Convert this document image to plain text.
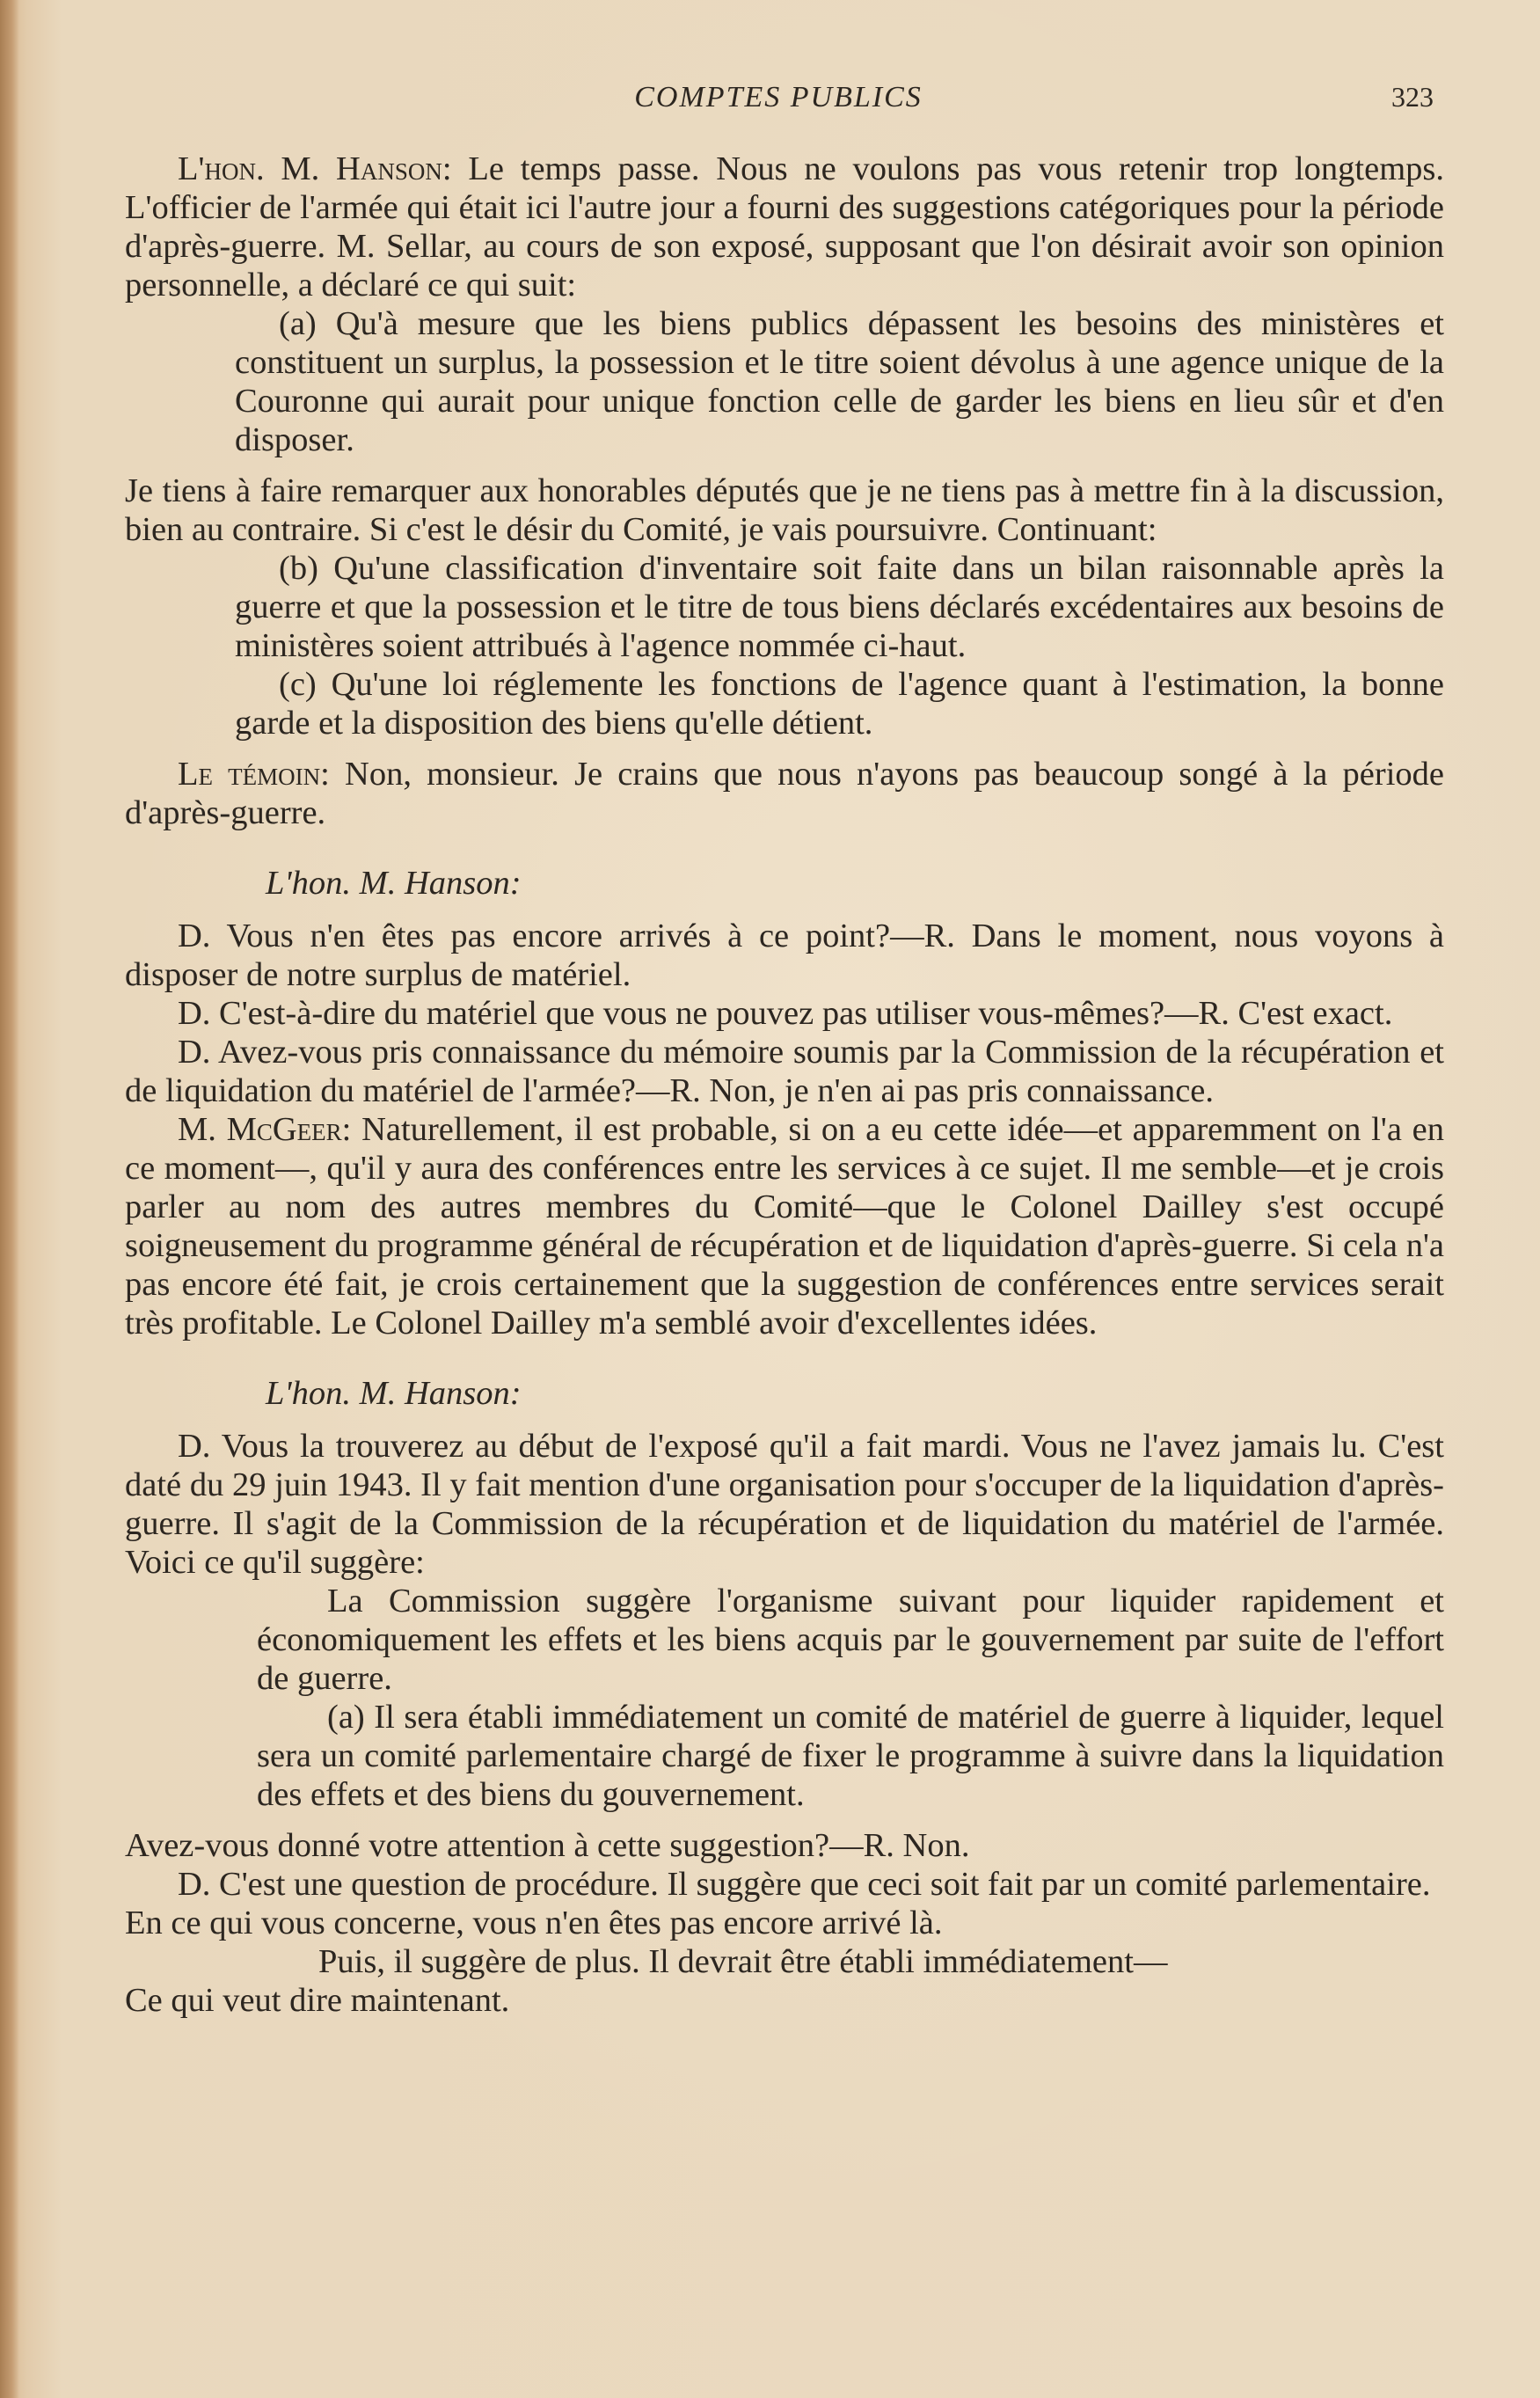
COMPTES PUBLICS	323

L'hon. M. Hanson: Le temps passe. Nous ne voulons pas vous retenir trop longtemps. L'officier de l'armée qui était ici l'autre jour a fourni des suggestions catégoriques pour la période d'après-guerre. M. Sellar, au cours de son exposé, supposant que l'on désirait avoir son opinion personnelle, a déclaré ce qui suit:

(a) Qu'à mesure que les biens publics dépassent les besoins des ministères et constituent un surplus, la possession et le titre soient dévolus à une agence unique de la Couronne qui aurait pour unique fonction celle de garder les biens en lieu sûr et d'en disposer.

Je tiens à faire remarquer aux honorables députés que je ne tiens pas à mettre fin à la discussion, bien au contraire. Si c'est le désir du Comité, je vais poursuivre. Continuant:

(b) Qu'une classification d'inventaire soit faite dans un bilan raisonnable après la guerre et que la possession et le titre de tous biens déclarés excédentaires aux besoins de ministères soient attribués à l'agence nommée ci-haut.

(c) Qu'une loi réglemente les fonctions de l'agence quant à l'estimation, la bonne garde et la disposition des biens qu'elle détient.

Le témoin: Non, monsieur. Je crains que nous n'ayons pas beaucoup songé à la période d'après-guerre.

L'hon. M. Hanson:

D. Vous n'en êtes pas encore arrivés à ce point?—R. Dans le moment, nous voyons à disposer de notre surplus de matériel.

D. C'est-à-dire du matériel que vous ne pouvez pas utiliser vous-mêmes?—R. C'est exact.

D. Avez-vous pris connaissance du mémoire soumis par la Commission de la récupération et de liquidation du matériel de l'armée?—R. Non, je n'en ai pas pris connaissance.

M. McGeer: Naturellement, il est probable, si on a eu cette idée—et apparemment on l'a en ce moment—, qu'il y aura des conférences entre les services à ce sujet. Il me semble—et je crois parler au nom des autres membres du Comité—que le Colonel Dailley s'est occupé soigneusement du programme général de récupération et de liquidation d'après-guerre. Si cela n'a pas encore été fait, je crois certainement que la suggestion de conférences entre services serait très profitable. Le Colonel Dailley m'a semblé avoir d'excellentes idées.

L'hon. M. Hanson:

D. Vous la trouverez au début de l'exposé qu'il a fait mardi. Vous ne l'avez jamais lu. C'est daté du 29 juin 1943. Il y fait mention d'une organisation pour s'occuper de la liquidation d'après-guerre. Il s'agit de la Commission de la récupération et de liquidation du matériel de l'armée. Voici ce qu'il suggère:

La Commission suggère l'organisme suivant pour liquider rapidement et économiquement les effets et les biens acquis par le gouvernement par suite de l'effort de guerre.

(a) Il sera établi immédiatement un comité de matériel de guerre à liquider, lequel sera un comité parlementaire chargé de fixer le programme à suivre dans la liquidation des effets et des biens du gouvernement.

Avez-vous donné votre attention à cette suggestion?—R. Non.

D. C'est une question de procédure. Il suggère que ceci soit fait par un comité parlementaire.

En ce qui vous concerne, vous n'en êtes pas encore arrivé là.

Puis, il suggère de plus. Il devrait être établi immédiatement—

Ce qui veut dire maintenant.
